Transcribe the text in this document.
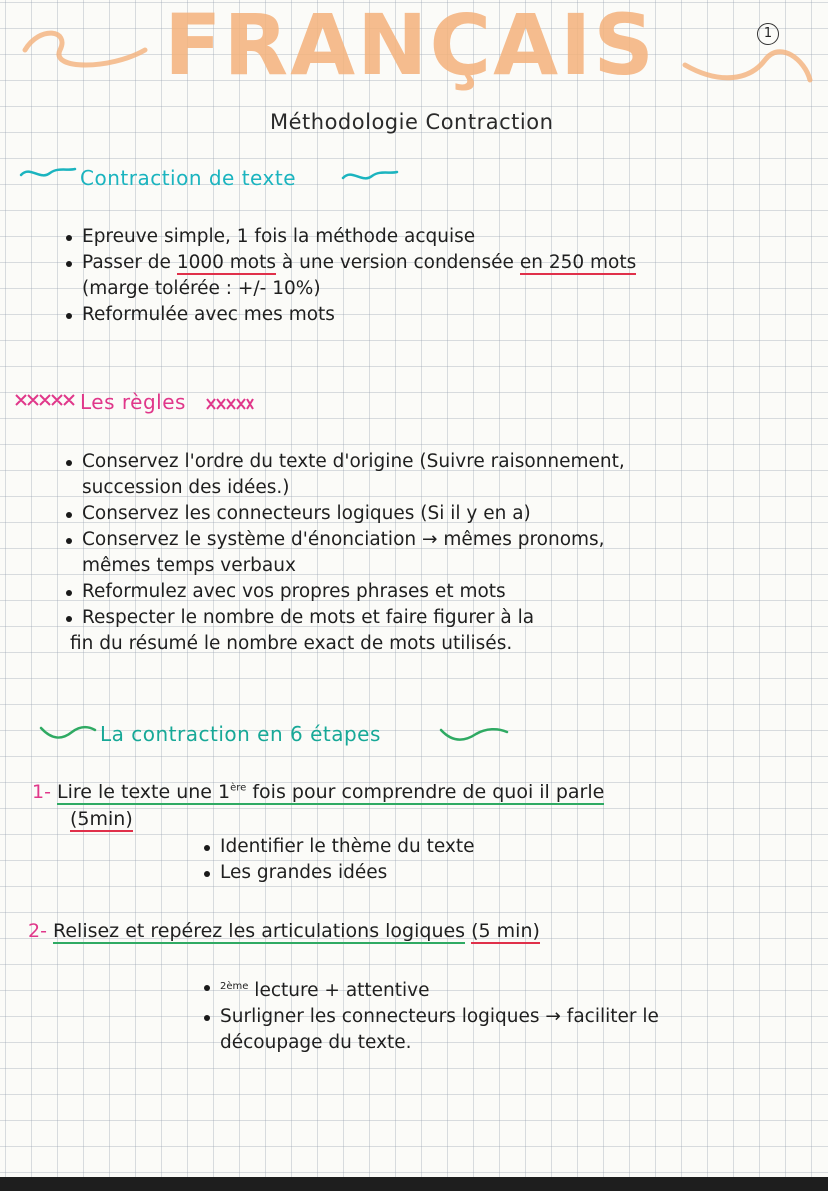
FRANÇAIS	1
Méthodologie Contraction
Contraction de texte
Epreuve simple, 1 fois la méthode acquise
Passer de 1000 mots à une version condensée en 250 mots
(marge tolérée : +/- 10%)
Reformulée avec mes mots
Les règles
Conservez l'ordre du texte d'origine (Suivre raisonnement,
succession des idées.)
Conservez les connecteurs logiques (Si il y en a)
Conservez le système d'énonciation → mêmes pronoms,
mêmes temps verbaux
Reformulez avec vos propres phrases et mots
Respecter le nombre de mots et faire figurer à la
fin du résumé le nombre exact de mots utilisés.
La contraction en 6 étapes
1- Lire le texte une 1ère fois pour comprendre de quoi il parle
(5min)
Identifier le thème du texte
Les grandes idées
2- Relisez et repérez les articulations logiques (5 min)
$^{2ème}$ lecture + attentive
Surligner les connecteurs logiques → faciliter le
découpage du texte.
